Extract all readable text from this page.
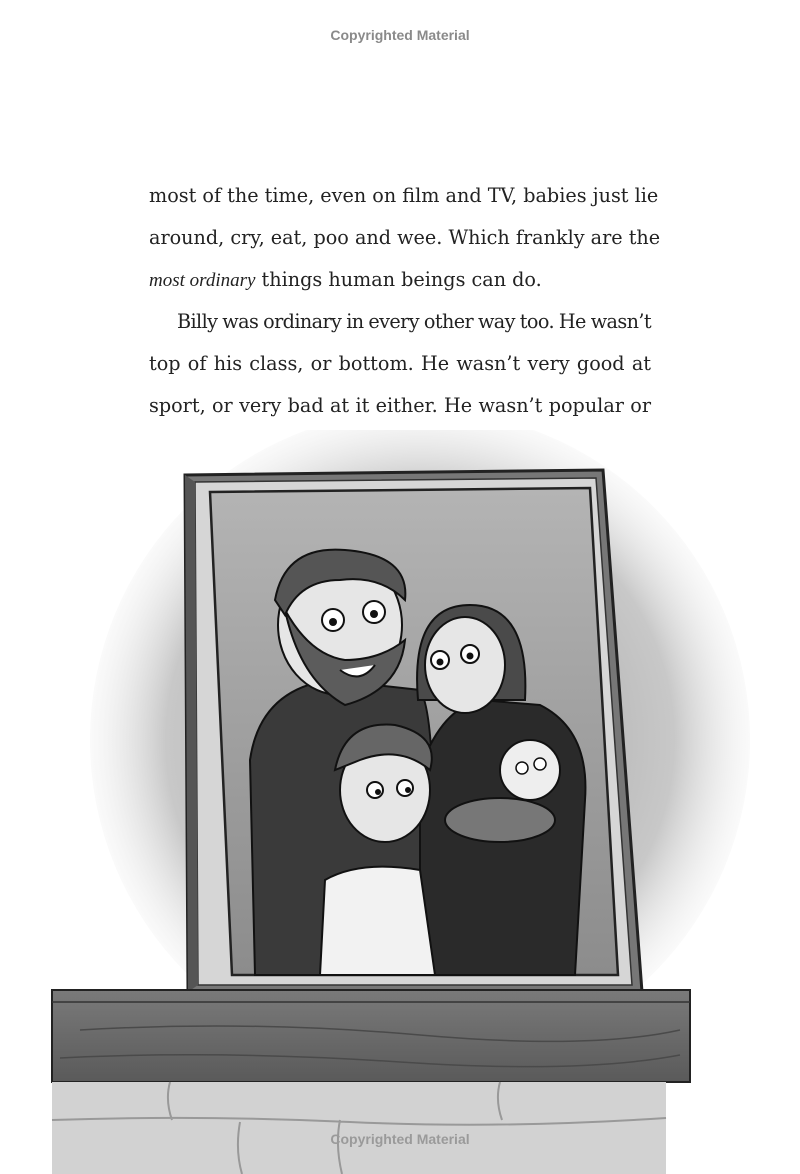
Copyrighted Material
most of the time, even on film and TV, babies just lie
around, cry, eat, poo and wee. Which frankly are the
most ordinary things human beings can do.
Billy was ordinary in every other way too. He wasn’t
top of his class, or bottom. He wasn’t very good at
sport, or very bad at it either. He wasn’t popular or
Copyrighted Material
